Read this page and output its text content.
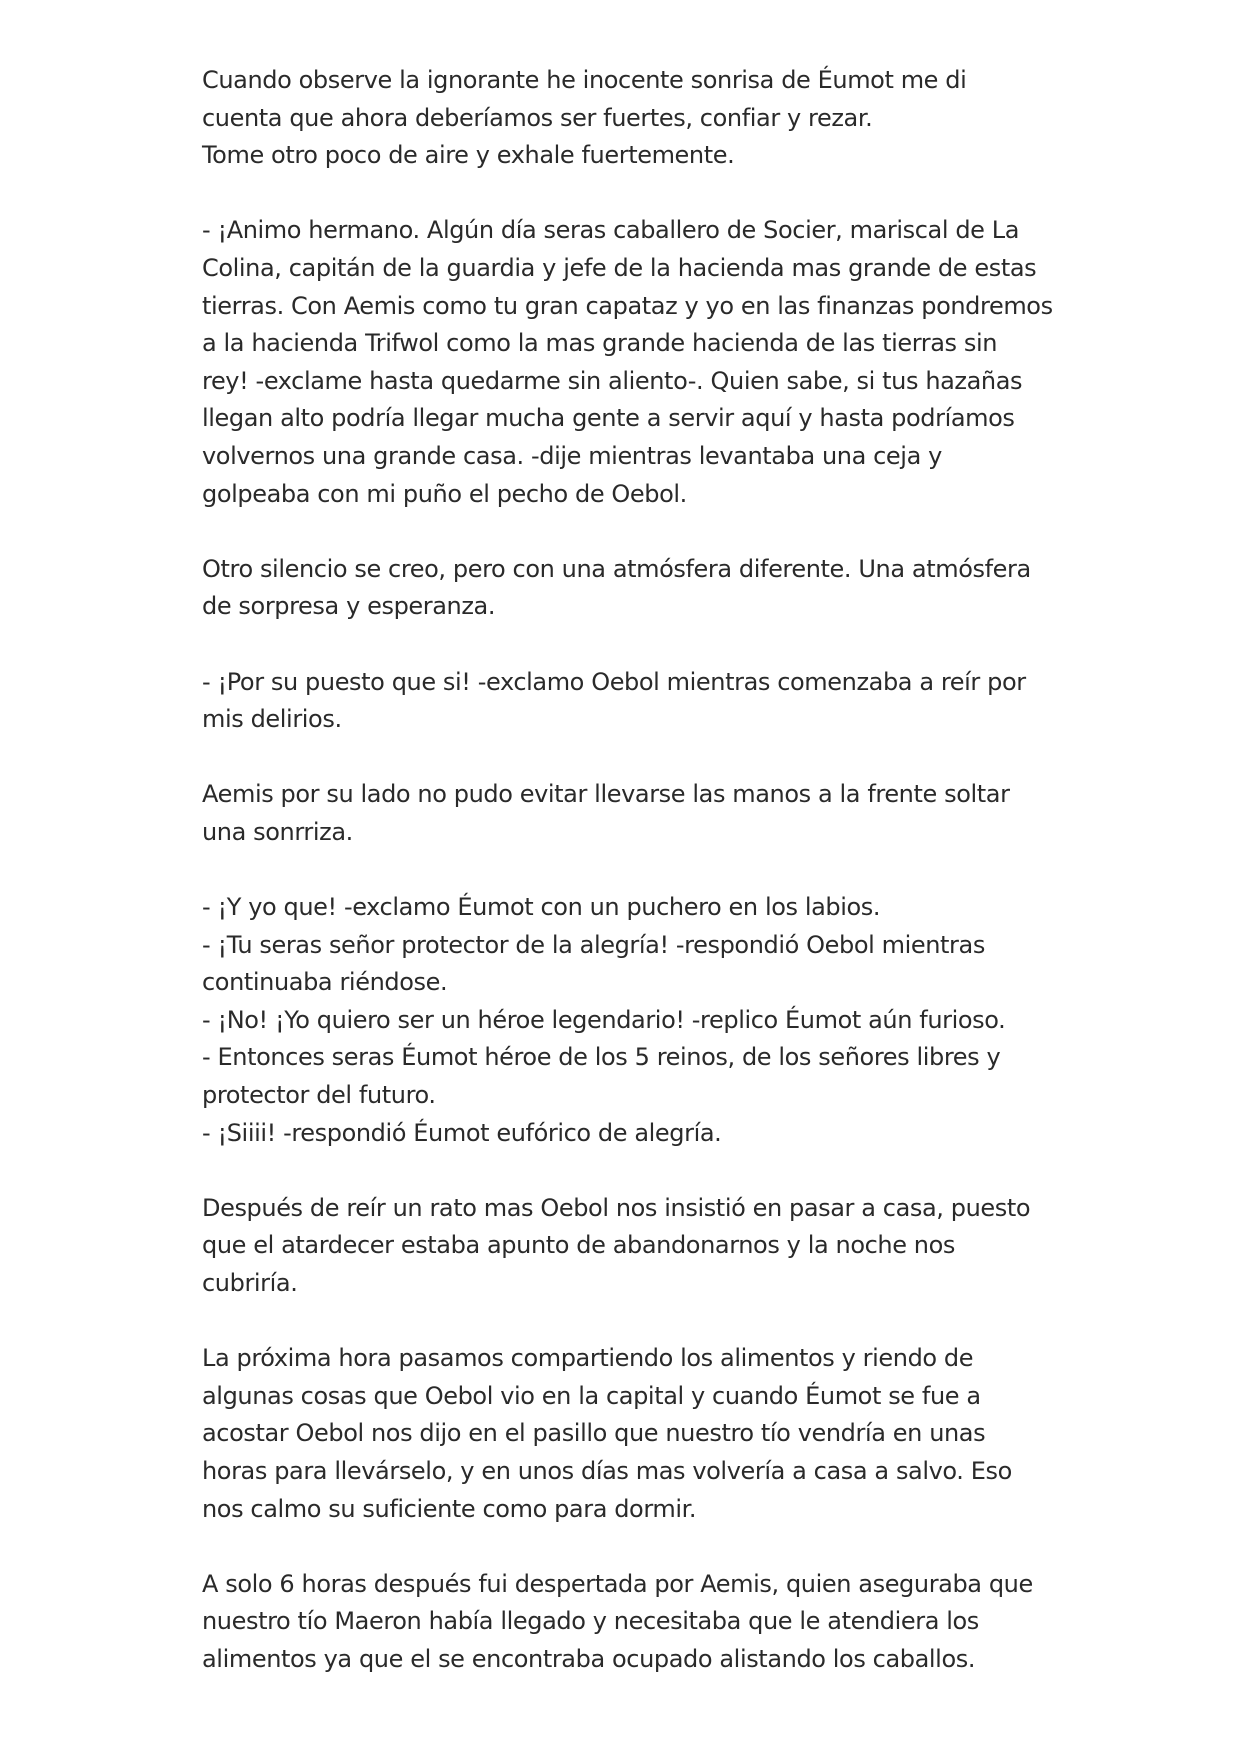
Cuando observe la ignorante he inocente sonrisa de Éumot me di
cuenta que ahora deberíamos ser fuertes, confiar y rezar.
Tome otro poco de aire y exhale fuertemente.

- ¡Animo hermano. Algún día seras caballero de Socier, mariscal de La
Colina, capitán de la guardia y jefe de la hacienda mas grande de estas
tierras. Con Aemis como tu gran capataz y yo en las finanzas pondremos
a la hacienda Trifwol como la mas grande hacienda de las tierras sin
rey! -exclame hasta quedarme sin aliento-. Quien sabe, si tus hazañas
llegan alto podría llegar mucha gente a servir aquí y hasta podríamos
volvernos una grande casa. -dije mientras levantaba una ceja y
golpeaba con mi puño el pecho de Oebol.

Otro silencio se creo, pero con una atmósfera diferente. Una atmósfera
de sorpresa y esperanza.

- ¡Por su puesto que si! -exclamo Oebol mientras comenzaba a reír por
mis delirios.

Aemis por su lado no pudo evitar llevarse las manos a la frente soltar
una sonrriza.

- ¡Y yo que! -exclamo Éumot con un puchero en los labios.
- ¡Tu seras señor protector de la alegría! -respondió Oebol mientras
continuaba riéndose.
- ¡No! ¡Yo quiero ser un héroe legendario! -replico Éumot aún furioso.
- Entonces seras Éumot héroe de los 5 reinos, de los señores libres y
protector del futuro.
- ¡Siiii! -respondió Éumot eufórico de alegría.

Después de reír un rato mas Oebol nos insistió en pasar a casa, puesto
que el atardecer estaba apunto de abandonarnos y la noche nos
cubriría.

La próxima hora pasamos compartiendo los alimentos y riendo de
algunas cosas que Oebol vio en la capital y cuando Éumot se fue a
acostar Oebol nos dijo en el pasillo que nuestro tío vendría en unas
horas para llevárselo, y en unos días mas volvería a casa a salvo. Eso
nos calmo su suficiente como para dormir.

A solo 6 horas después fui despertada por Aemis, quien aseguraba que
nuestro tío Maeron había llegado y necesitaba que le atendiera los
alimentos ya que el se encontraba ocupado alistando los caballos.
